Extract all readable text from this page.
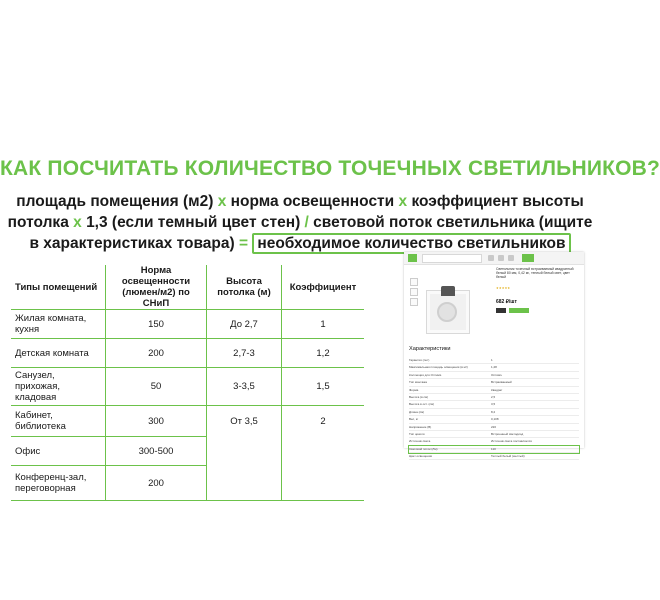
КАК ПОСЧИТАТЬ КОЛИЧЕСТВО ТОЧЕЧНЫХ СВЕТИЛЬНИКОВ?
площадь помещения (м2) x норма освещенности x коэффициент высоты потолка x 1,3 (если темный цвет стен) / световой поток светильника (ищите в характеристиках товара) = необходимое количество светильников
Типы помещений	Норма освещенности (люмен/м2) по СНиП	Высота потолка (м)	Коэффициент
Жилая комната, кухня	150	До 2,7	1
Детская комната	200	2,7-3	1,2
Санузел, прихожая, кладовая	50	3-3,5	1,5
Кабинет, библиотека	300	От 3,5	2
Офис	300-500		
Конференц-зал, переговорная	200		
Светильник точечный встраиваемый квадратный белый 80 мм, 0,42 м², теплый белый свет, цвет белый
★★★★★
682 ₽/шт
Характеристики
Гарантия (лет)	1
Максимальная площадь освещения (в м²)	1,28
Коллекция для Оптимэ	Оптимэ
Тип монтажа	Встраиваемый
Форма	Квадрат
Высота (в см)	2,5
Высота в ост. (см)	3,5
Длина (см)	8,2
Вес, кг	0,108
Напряжение (В)	220
Тип цоколя	Встроенный светодиод
Источник света	Источник света поставляется
Световой поток (Лм)	110
Цвет освещения	Теплый белый (желтый)
